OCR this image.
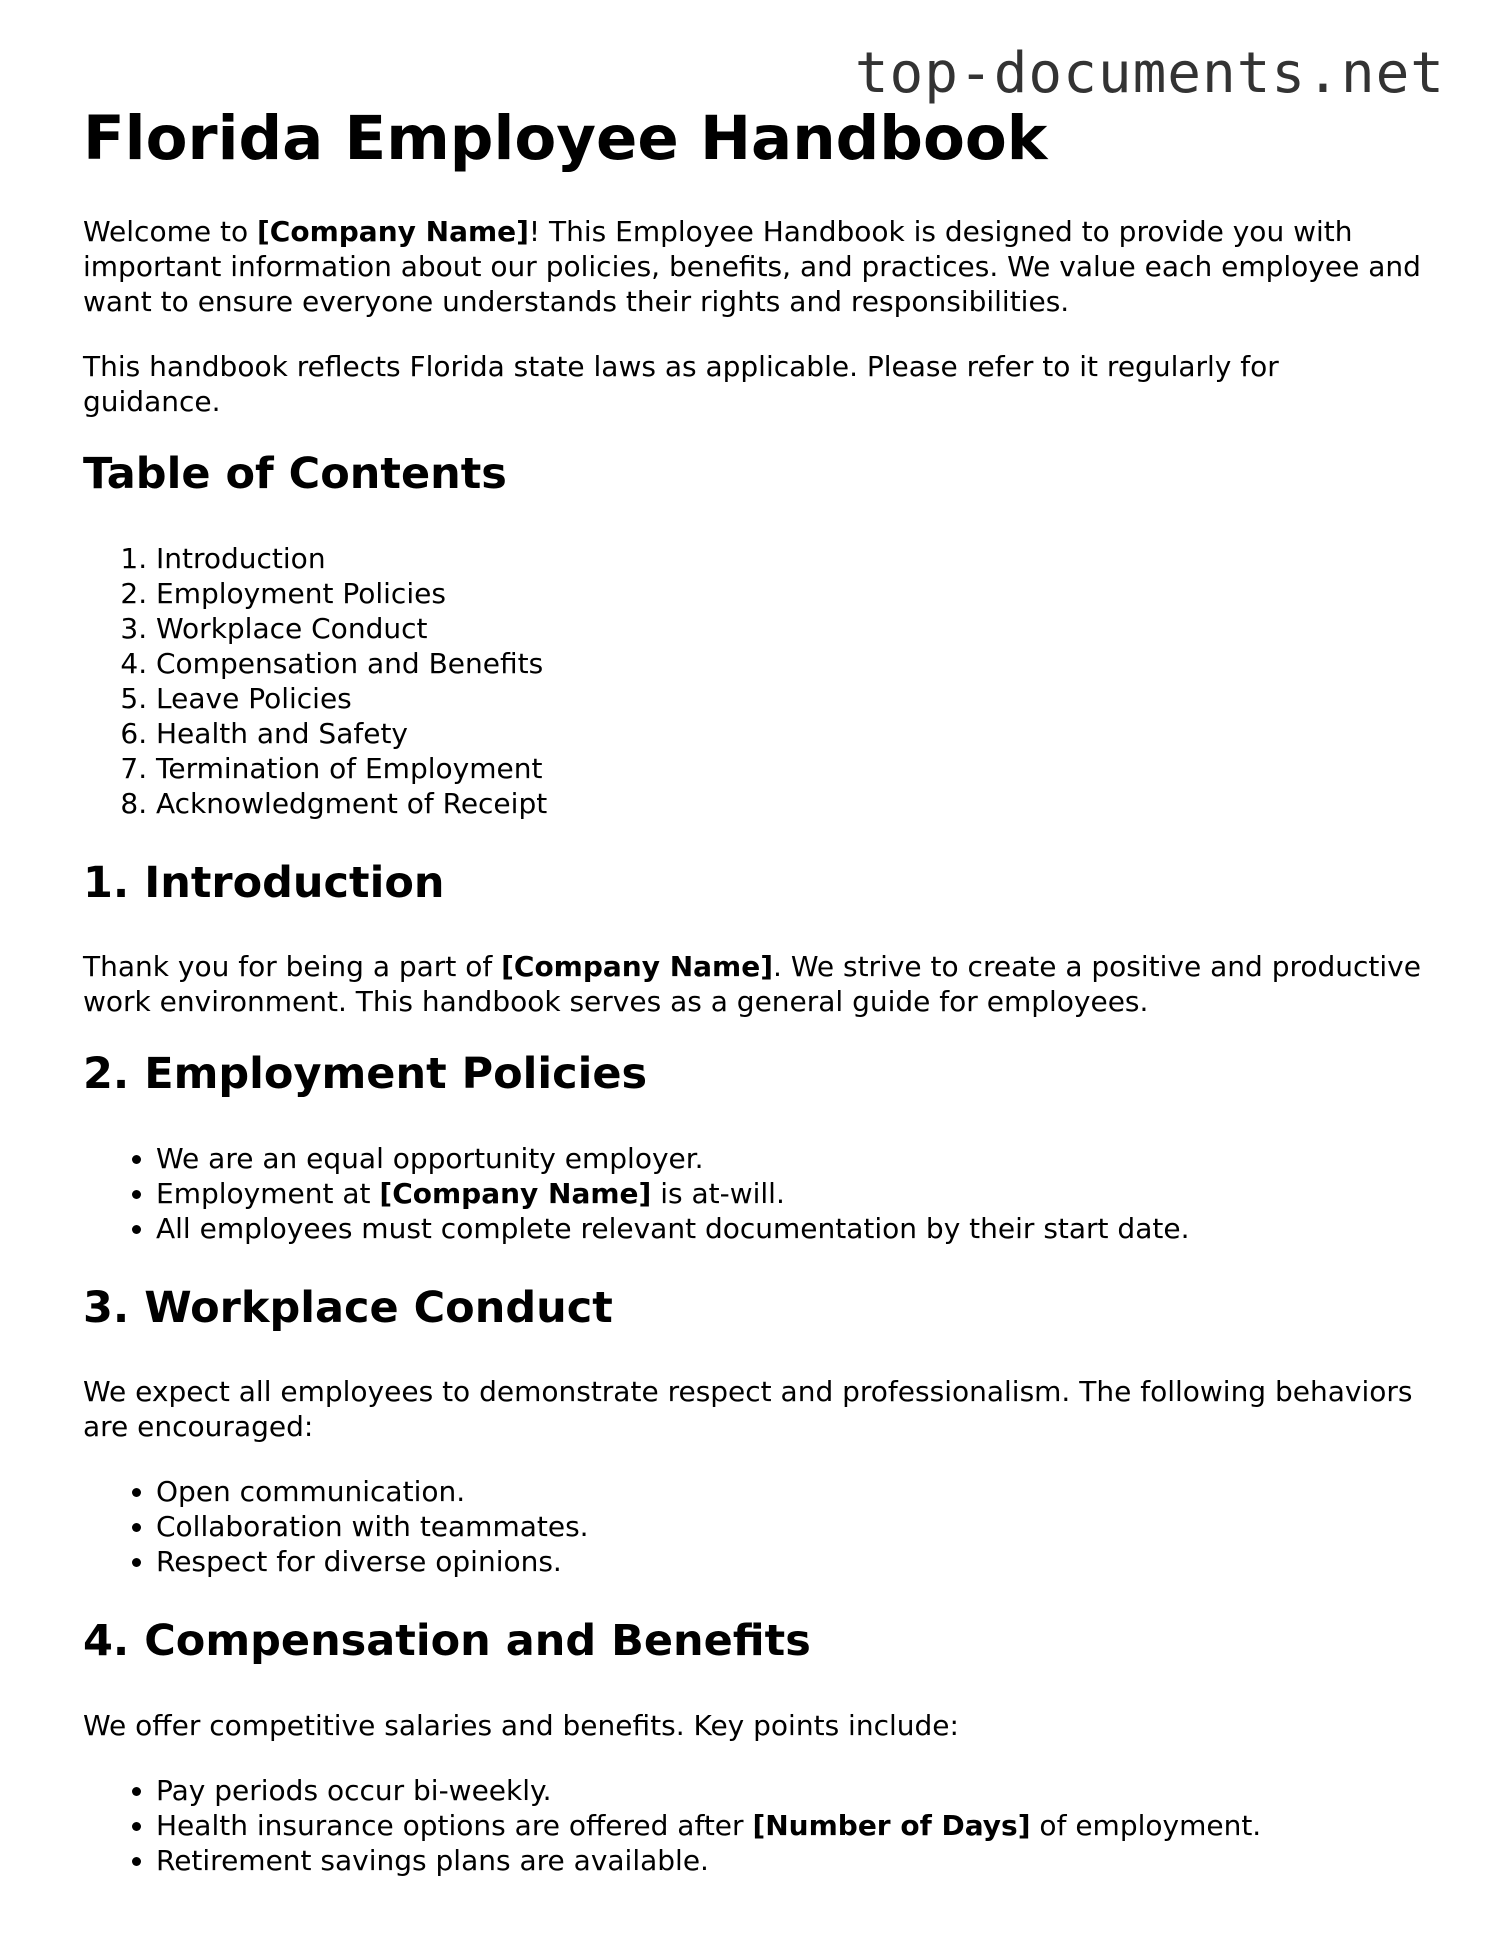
top-documents.net
Florida Employee Handbook

Welcome to [Company Name]! This Employee Handbook is designed to provide you with important information about our policies, benefits, and practices. We value each employee and want to ensure everyone understands their rights and responsibilities.

This handbook reflects Florida state laws as applicable. Please refer to it regularly for guidance.

Table of Contents
1. Introduction
2. Employment Policies
3. Workplace Conduct
4. Compensation and Benefits
5. Leave Policies
6. Health and Safety
7. Termination of Employment
8. Acknowledgment of Receipt
1. Introduction

Thank you for being a part of [Company Name]. We strive to create a positive and productive work environment. This handbook serves as a general guide for employees.

2. Employment Policies
• We are an equal opportunity employer.
• Employment at [Company Name] is at-will.
• All employees must complete relevant documentation by their start date.
3. Workplace Conduct

We expect all employees to demonstrate respect and professionalism. The following behaviors are encouraged:

• Open communication.
• Collaboration with teammates.
• Respect for diverse opinions.
4. Compensation and Benefits

We offer competitive salaries and benefits. Key points include:

• Pay periods occur bi-weekly.
• Health insurance options are offered after [Number of Days] of employment.
• Retirement savings plans are available.
